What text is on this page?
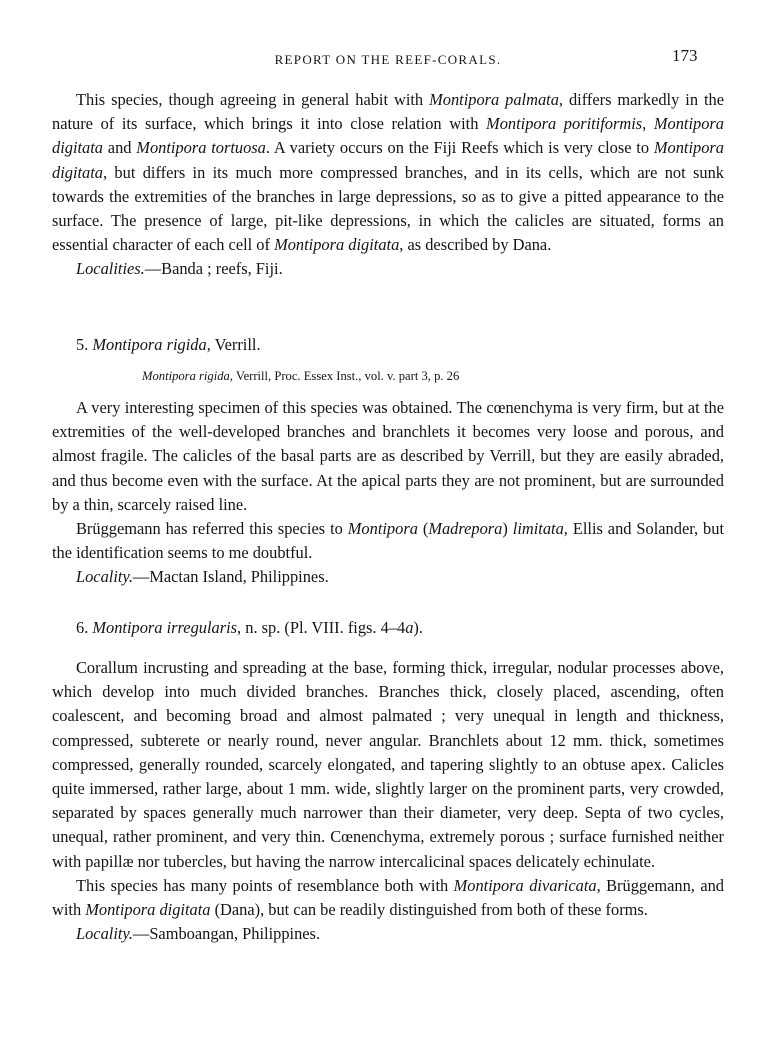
REPORT ON THE REEF-CORALS.	173

This species, though agreeing in general habit with Montipora palmata, differs markedly in the nature of its surface, which brings it into close relation with Montipora poritiformis, Montipora digitata and Montipora tortuosa. A variety occurs on the Fiji Reefs which is very close to Montipora digitata, but differs in its much more compressed branches, and in its cells, which are not sunk towards the extremities of the branches in large depressions, so as to give a pitted appearance to the surface. The presence of large, pit-like depressions, in which the calicles are situated, forms an essential character of each cell of Montipora digitata, as described by Dana.

Localities.—Banda ; reefs, Fiji.

5. Montipora rigida, Verrill.
Montipora rigida, Verrill, Proc. Essex Inst., vol. v. part 3, p. 26

A very interesting specimen of this species was obtained. The cœnenchyma is very firm, but at the extremities of the well-developed branches and branchlets it becomes very loose and porous, and almost fragile. The calicles of the basal parts are as described by Verrill, but they are easily abraded, and thus become even with the surface. At the apical parts they are not prominent, but are surrounded by a thin, scarcely raised line.

Brüggemann has referred this species to Montipora (Madrepora) limitata, Ellis and Solander, but the identification seems to me doubtful.

Locality.—Mactan Island, Philippines.

6. Montipora irregularis, n. sp. (Pl. VIII. figs. 4–4a).

Corallum incrusting and spreading at the base, forming thick, irregular, nodular processes above, which develop into much divided branches. Branches thick, closely placed, ascending, often coalescent, and becoming broad and almost palmated ; very unequal in length and thickness, compressed, subterete or nearly round, never angular. Branchlets about 12 mm. thick, sometimes compressed, generally rounded, scarcely elongated, and tapering slightly to an obtuse apex. Calicles quite immersed, rather large, about 1 mm. wide, slightly larger on the prominent parts, very crowded, separated by spaces generally much narrower than their diameter, very deep. Septa of two cycles, unequal, rather prominent, and very thin. Cœnenchyma, extremely porous ; surface furnished neither with papillæ nor tubercles, but having the narrow intercalicinal spaces delicately echinulate.

This species has many points of resemblance both with Montipora divaricata, Brüggemann, and with Montipora digitata (Dana), but can be readily distinguished from both of these forms.

Locality.—Samboangan, Philippines.
